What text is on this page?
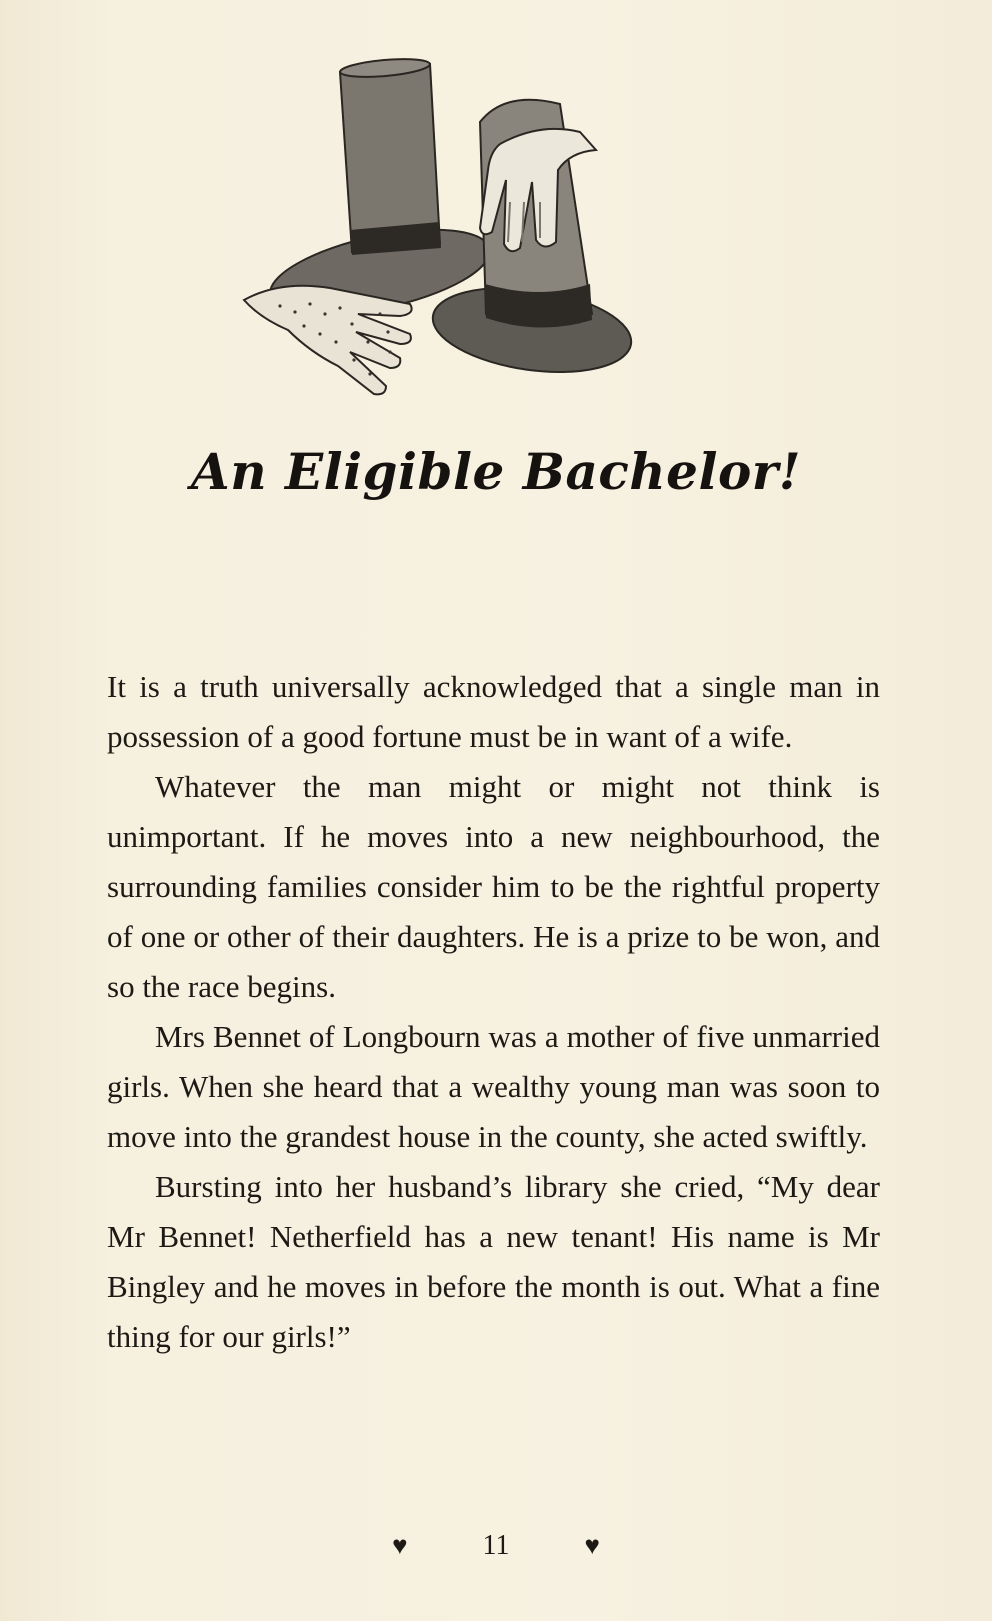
An Eligible Bachelor!

It is a truth universally acknowledged that a single man in possession of a good fortune must be in want of a wife.

Whatever the man might or might not think is unimportant. If he moves into a new neighbourhood, the surrounding families consider him to be the rightful property of one or other of their daughters. He is a prize to be won, and so the race begins.

Mrs Bennet of Longbourn was a mother of five unmarried girls. When she heard that a wealthy young man was soon to move into the grandest house in the county, she acted swiftly.

Bursting into her husband’s library she cried, “My dear Mr Bennet! Netherfield has a new tenant! His name is Mr Bingley and he moves in before the month is out. What a fine thing for our girls!”

♥	11	♥
